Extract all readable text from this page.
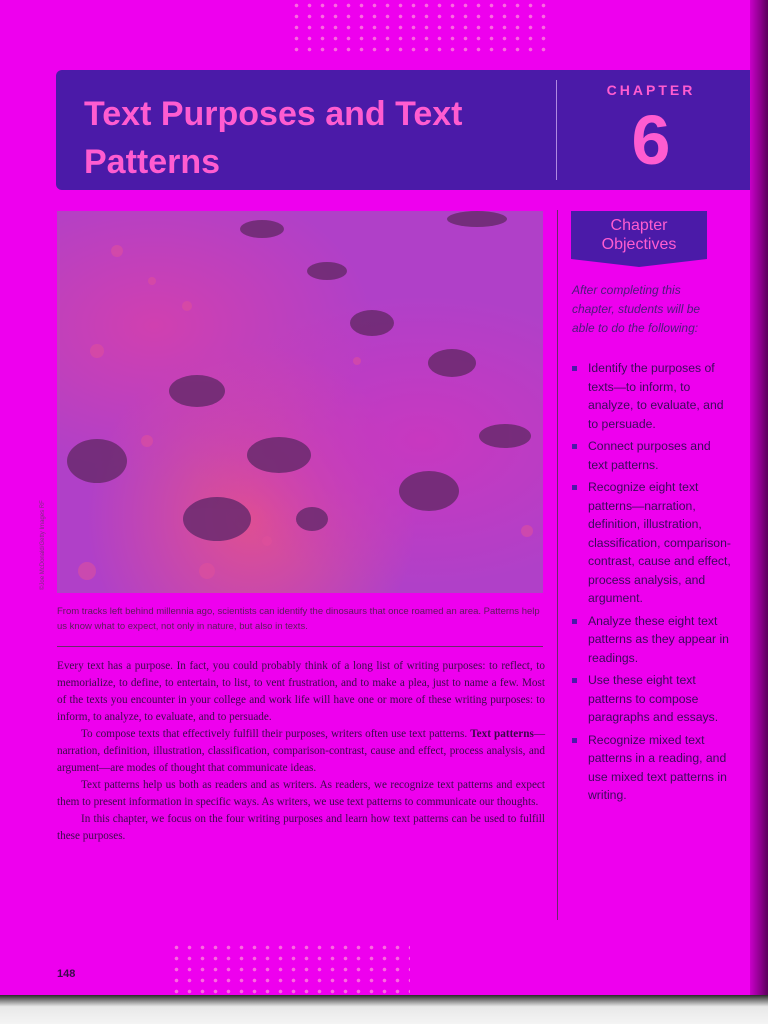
Text Purposes and Text Patterns
CHAPTER
6
©Joe McDonald/Getty Images RF

From tracks left behind millennia ago, scientists can identify the dinosaurs that once roamed an area. Patterns help us know what to expect, not only in nature, but also in texts.

Every text has a purpose. In fact, you could probably think of a long list of writing purposes: to reflect, to memorialize, to define, to entertain, to list, to vent frustration, and to make a plea, just to name a few. Most of the texts you encounter in your college and work life will have one or more of these writing purposes: to inform, to analyze, to evaluate, and to persuade.

To compose texts that effectively fulfill their purposes, writers often use text patterns. Text patterns—narration, definition, illustration, classification, comparison-contrast, cause and effect, process analysis, and argument—are modes of thought that communicate ideas.

Text patterns help us both as readers and as writers. As readers, we recognize text patterns and expect them to present information in specific ways. As writers, we use text patterns to communicate our thoughts.

In this chapter, we focus on the four writing purposes and learn how text patterns can be used to fulfill these purposes.

Chapter Objectives

After completing this chapter, students will be able to do the following:

Identify the purposes of texts—to inform, to analyze, to evaluate, and to persuade.
Connect purposes and text patterns.
Recognize eight text patterns—narration, definition, illustration, classification, comparison-contrast, cause and effect, process analysis, and argument.
Analyze these eight text patterns as they appear in readings.
Use these eight text patterns to compose paragraphs and essays.
Recognize mixed text patterns in a reading, and use mixed text patterns in writing.
148
